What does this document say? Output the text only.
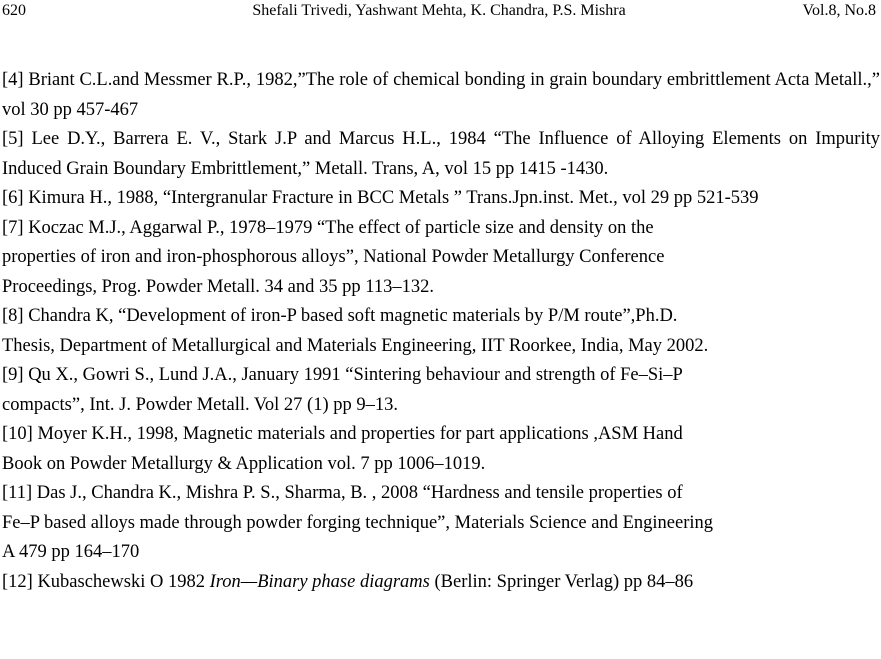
620	Shefali Trivedi, Yashwant Mehta, K. Chandra, P.S. Mishra	Vol.8, No.8

[4] Briant C.L.and Messmer R.P., 1982,”The role of chemical bonding in grain boundary embrittlement Acta Metall.,” vol 30 pp 457-467

[5] Lee D.Y., Barrera E. V., Stark J.P and Marcus H.L., 1984 “The Influence of Alloying Elements on Impurity Induced Grain Boundary Embrittlement,” Metall. Trans, A, vol 15 pp 1415 -1430.

[6] Kimura H., 1988, “Intergranular Fracture in BCC Metals ” Trans.Jpn.inst. Met., vol 29 pp 521-539

[7] Koczac M.J., Aggarwal P., 1978–1979 “The effect of particle size and density on the
properties of iron and iron-phosphorous alloys”, National Powder Metallurgy Conference
Proceedings, Prog. Powder Metall. 34 and 35 pp 113–132.

[8] Chandra K, “Development of iron-P based soft magnetic materials by P/M route”,Ph.D.
Thesis, Department of Metallurgical and Materials Engineering, IIT Roorkee, India, May 2002.

[9] Qu X., Gowri S., Lund J.A., January 1991 “Sintering behaviour and strength of Fe–Si–P
compacts”, Int. J. Powder Metall. Vol 27 (1) pp 9–13.

[10] Moyer K.H., 1998, Magnetic materials and properties for part applications ,ASM Hand
Book on Powder Metallurgy & Application vol. 7 pp 1006–1019.

[11] Das J., Chandra K., Mishra P. S., Sharma, B. , 2008 “Hardness and tensile properties of
Fe–P based alloys made through powder forging technique”, Materials Science and Engineering
A 479 pp 164–170

[12] Kubaschewski O 1982 Iron—Binary phase diagrams (Berlin: Springer Verlag) pp 84–86
